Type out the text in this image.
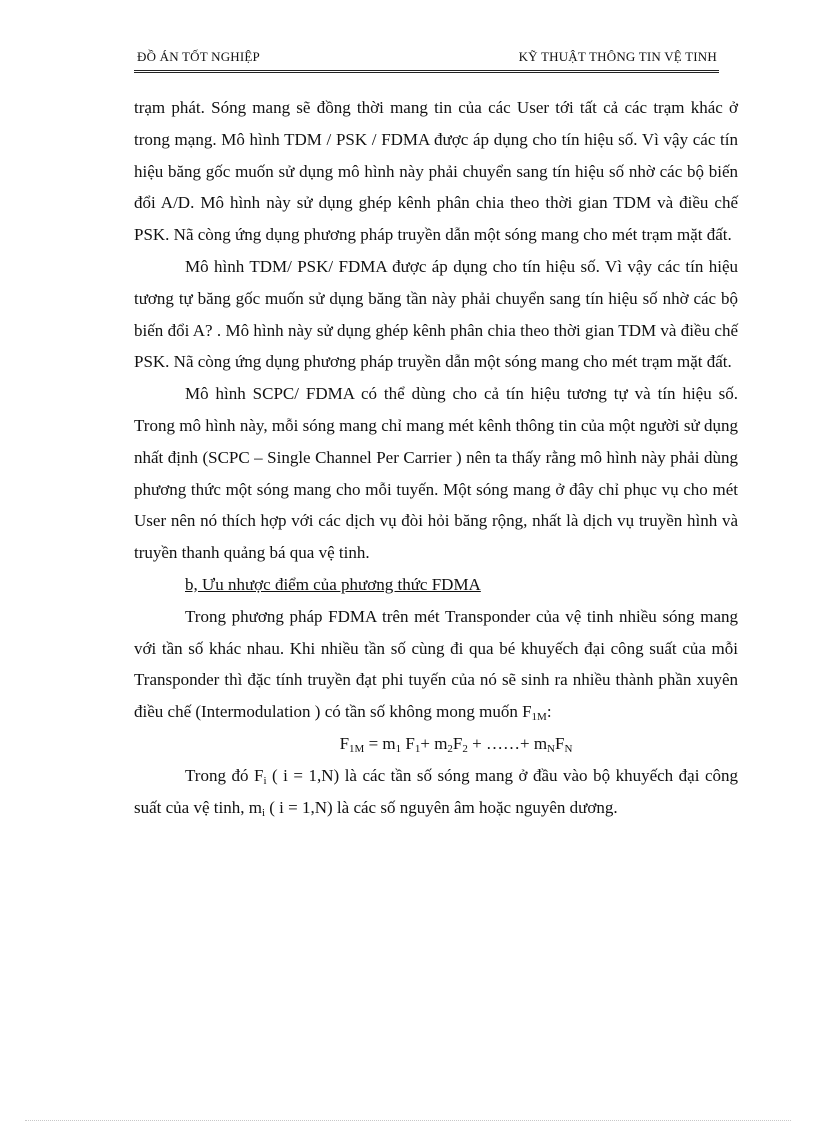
ĐỒ ÁN TỐT NGHIỆP	KỸ THUẬT THÔNG TIN VỆ TINH

trạm phát. Sóng mang sẽ đồng thời mang tin của các User tới tất cả các trạm khác ở trong mạng. Mô hình TDM / PSK / FDMA được áp dụng cho tín hiệu số. Vì vậy các tín hiệu băng gốc muốn sử dụng mô hình này phải chuyển sang tín hiệu số nhờ các bộ biến đổi A/D. Mô hình này sử dụng ghép kênh phân chia theo thời gian TDM và điều chế PSK. Nã còng ứng dụng phương pháp truyền dẫn một sóng mang cho mét trạm mặt đất.

Mô hình TDM/ PSK/ FDMA được áp dụng cho tín hiệu số. Vì vậy các tín hiệu tương tự băng gốc muốn sử dụng băng tần này phải chuyển sang tín hiệu số nhờ các bộ biến đổi A? . Mô hình này sử dụng ghép kênh phân chia theo thời gian TDM và điều chế PSK. Nã còng ứng dụng phương pháp truyền dẫn một sóng mang cho mét trạm mặt đất.

Mô hình SCPC/ FDMA có thể dùng cho cả tín hiệu tương tự và tín hiệu số. Trong mô hình này, mỗi sóng mang chỉ mang mét kênh thông tin của một người sử dụng nhất định (SCPC – Single Channel Per Carrier ) nên ta thấy rằng mô hình này phải dùng phương thức một sóng mang cho mỗi tuyến. Một sóng mang ở đây chỉ phục vụ cho mét User nên nó thích hợp với các dịch vụ đòi hỏi băng rộng, nhất là dịch vụ truyền hình và truyền thanh quảng bá qua vệ tinh.

b, Ưu nhược điểm của phương thức FDMA

Trong phương pháp FDMA trên mét Transponder của vệ tinh nhiều sóng mang với tần số khác nhau. Khi nhiều tần số cùng đi qua bé khuyếch đại công suất của mỗi Transponder thì đặc tính truyền đạt phi tuyến của nó sẽ sinh ra nhiều thành phần xuyên điều chế (Intermodulation ) có tần số không mong muốn $F_{1M}$:

$F_{1M} = m_1$ $F_1+ m_2F_2$ + ……+ $m_NF_N$

Trong đó $F_i$ ( i = 1,N) là các tần số sóng mang ở đầu vào bộ khuyếch đại công suất của vệ tinh, $m_i$ ( i = 1,N) là các số nguyên âm hoặc nguyên dương.
